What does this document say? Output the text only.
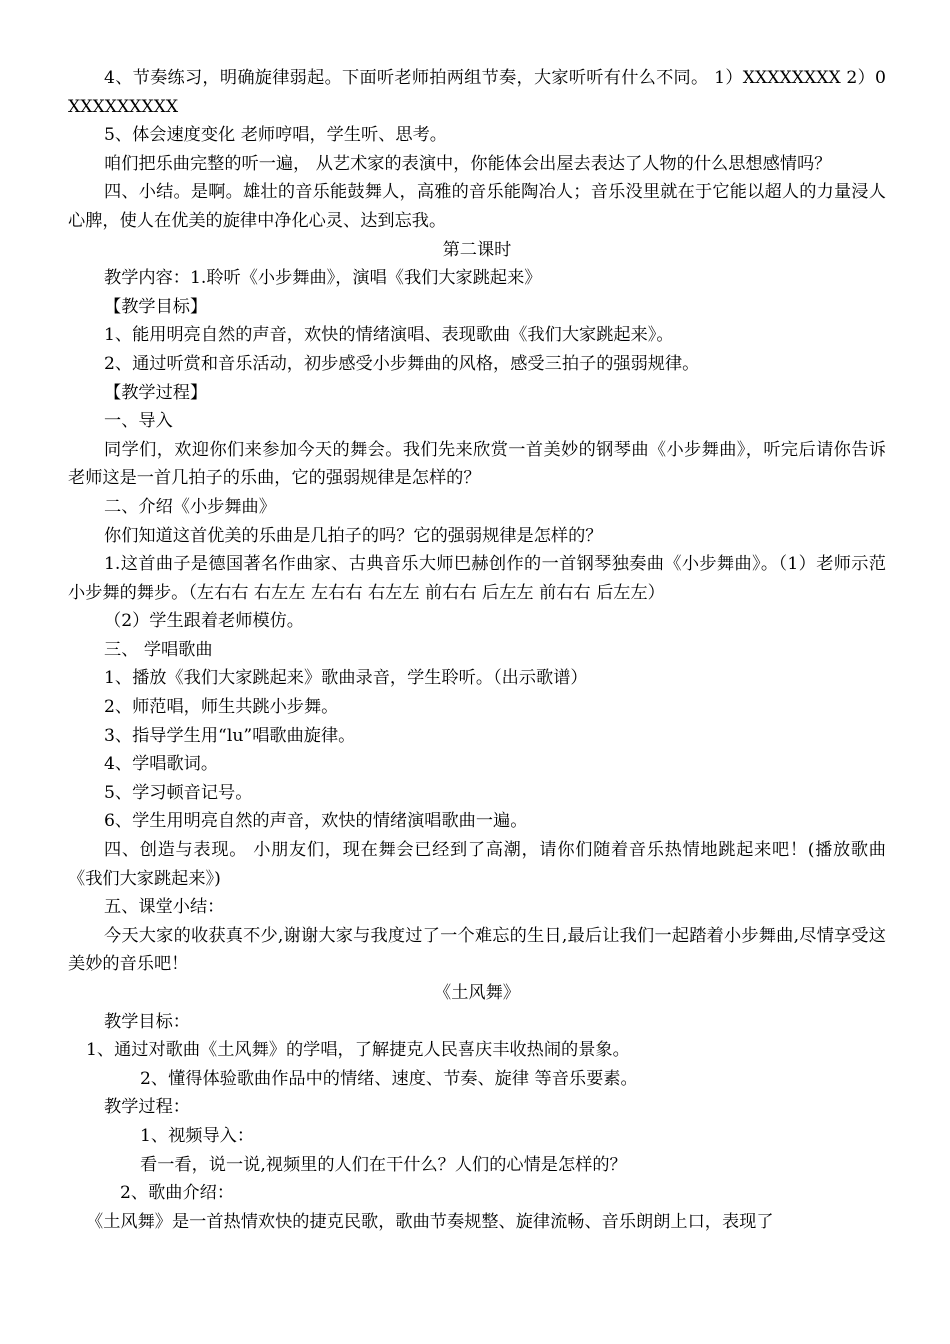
4、节奏练习，明确旋律弱起。下面听老师拍两组节奏，大家听听有什么不同。 1）XXXXXXXX 2）0XXXXXXXXX

5、体会速度变化 老师哼唱，学生听、思考。

咱们把乐曲完整的听一遍， 从艺术家的表演中，你能体会出屋去表达了人物的什么思想感情吗？

四、小结。是啊。雄壮的音乐能鼓舞人，高雅的音乐能陶冶人；音乐没里就在于它能以超人的力量浸人心脾，使人在优美的旋律中净化心灵、达到忘我。

第二课时

教学内容：1.聆听《小步舞曲》，演唱《我们大家跳起来》

【教学目标】

1、能用明亮自然的声音，欢快的情绪演唱、表现歌曲《我们大家跳起来》。

2、通过听赏和音乐活动，初步感受小步舞曲的风格，感受三拍子的强弱规律。

【教学过程】

一、导入

同学们，欢迎你们来参加今天的舞会。我们先来欣赏一首美妙的钢琴曲《小步舞曲》，听完后请你告诉老师这是一首几拍子的乐曲，它的强弱规律是怎样的？

二、介绍《小步舞曲》

你们知道这首优美的乐曲是几拍子的吗？它的强弱规律是怎样的？

1.这首曲子是德国著名作曲家、古典音乐大师巴赫创作的一首钢琴独奏曲《小步舞曲》。（1）老师示范小步舞的舞步。（左右右 右左左 左右右 右左左 前右右 后左左 前右右 后左左）

（2）学生跟着老师模仿。

三、 学唱歌曲

1、播放《我们大家跳起来》歌曲录音，学生聆听。（出示歌谱）

2、师范唱，师生共跳小步舞。

3、指导学生用“lu”唱歌曲旋律。

4、学唱歌词。

5、学习顿音记号。

6、学生用明亮自然的声音，欢快的情绪演唱歌曲一遍。

四、创造与表现。 小朋友们，现在舞会已经到了高潮，请你们随着音乐热情地跳起来吧！(播放歌曲《我们大家跳起来》)

五、课堂小结：

今天大家的收获真不少,谢谢大家与我度过了一个难忘的生日,最后让我们一起踏着小步舞曲,尽情享受这美妙的音乐吧！

《土风舞》

教学目标：

1、通过对歌曲《土风舞》的学唱，了解捷克人民喜庆丰收热闹的景象。

2、懂得体验歌曲作品中的情绪、速度、节奏、旋律 等音乐要素。

教学过程：

1、视频导入：

看一看，说一说,视频里的人们在干什么？人们的心情是怎样的？

2、歌曲介绍：

《土风舞》是一首热情欢快的捷克民歌，歌曲节奏规整、旋律流畅、音乐朗朗上口，表现了
